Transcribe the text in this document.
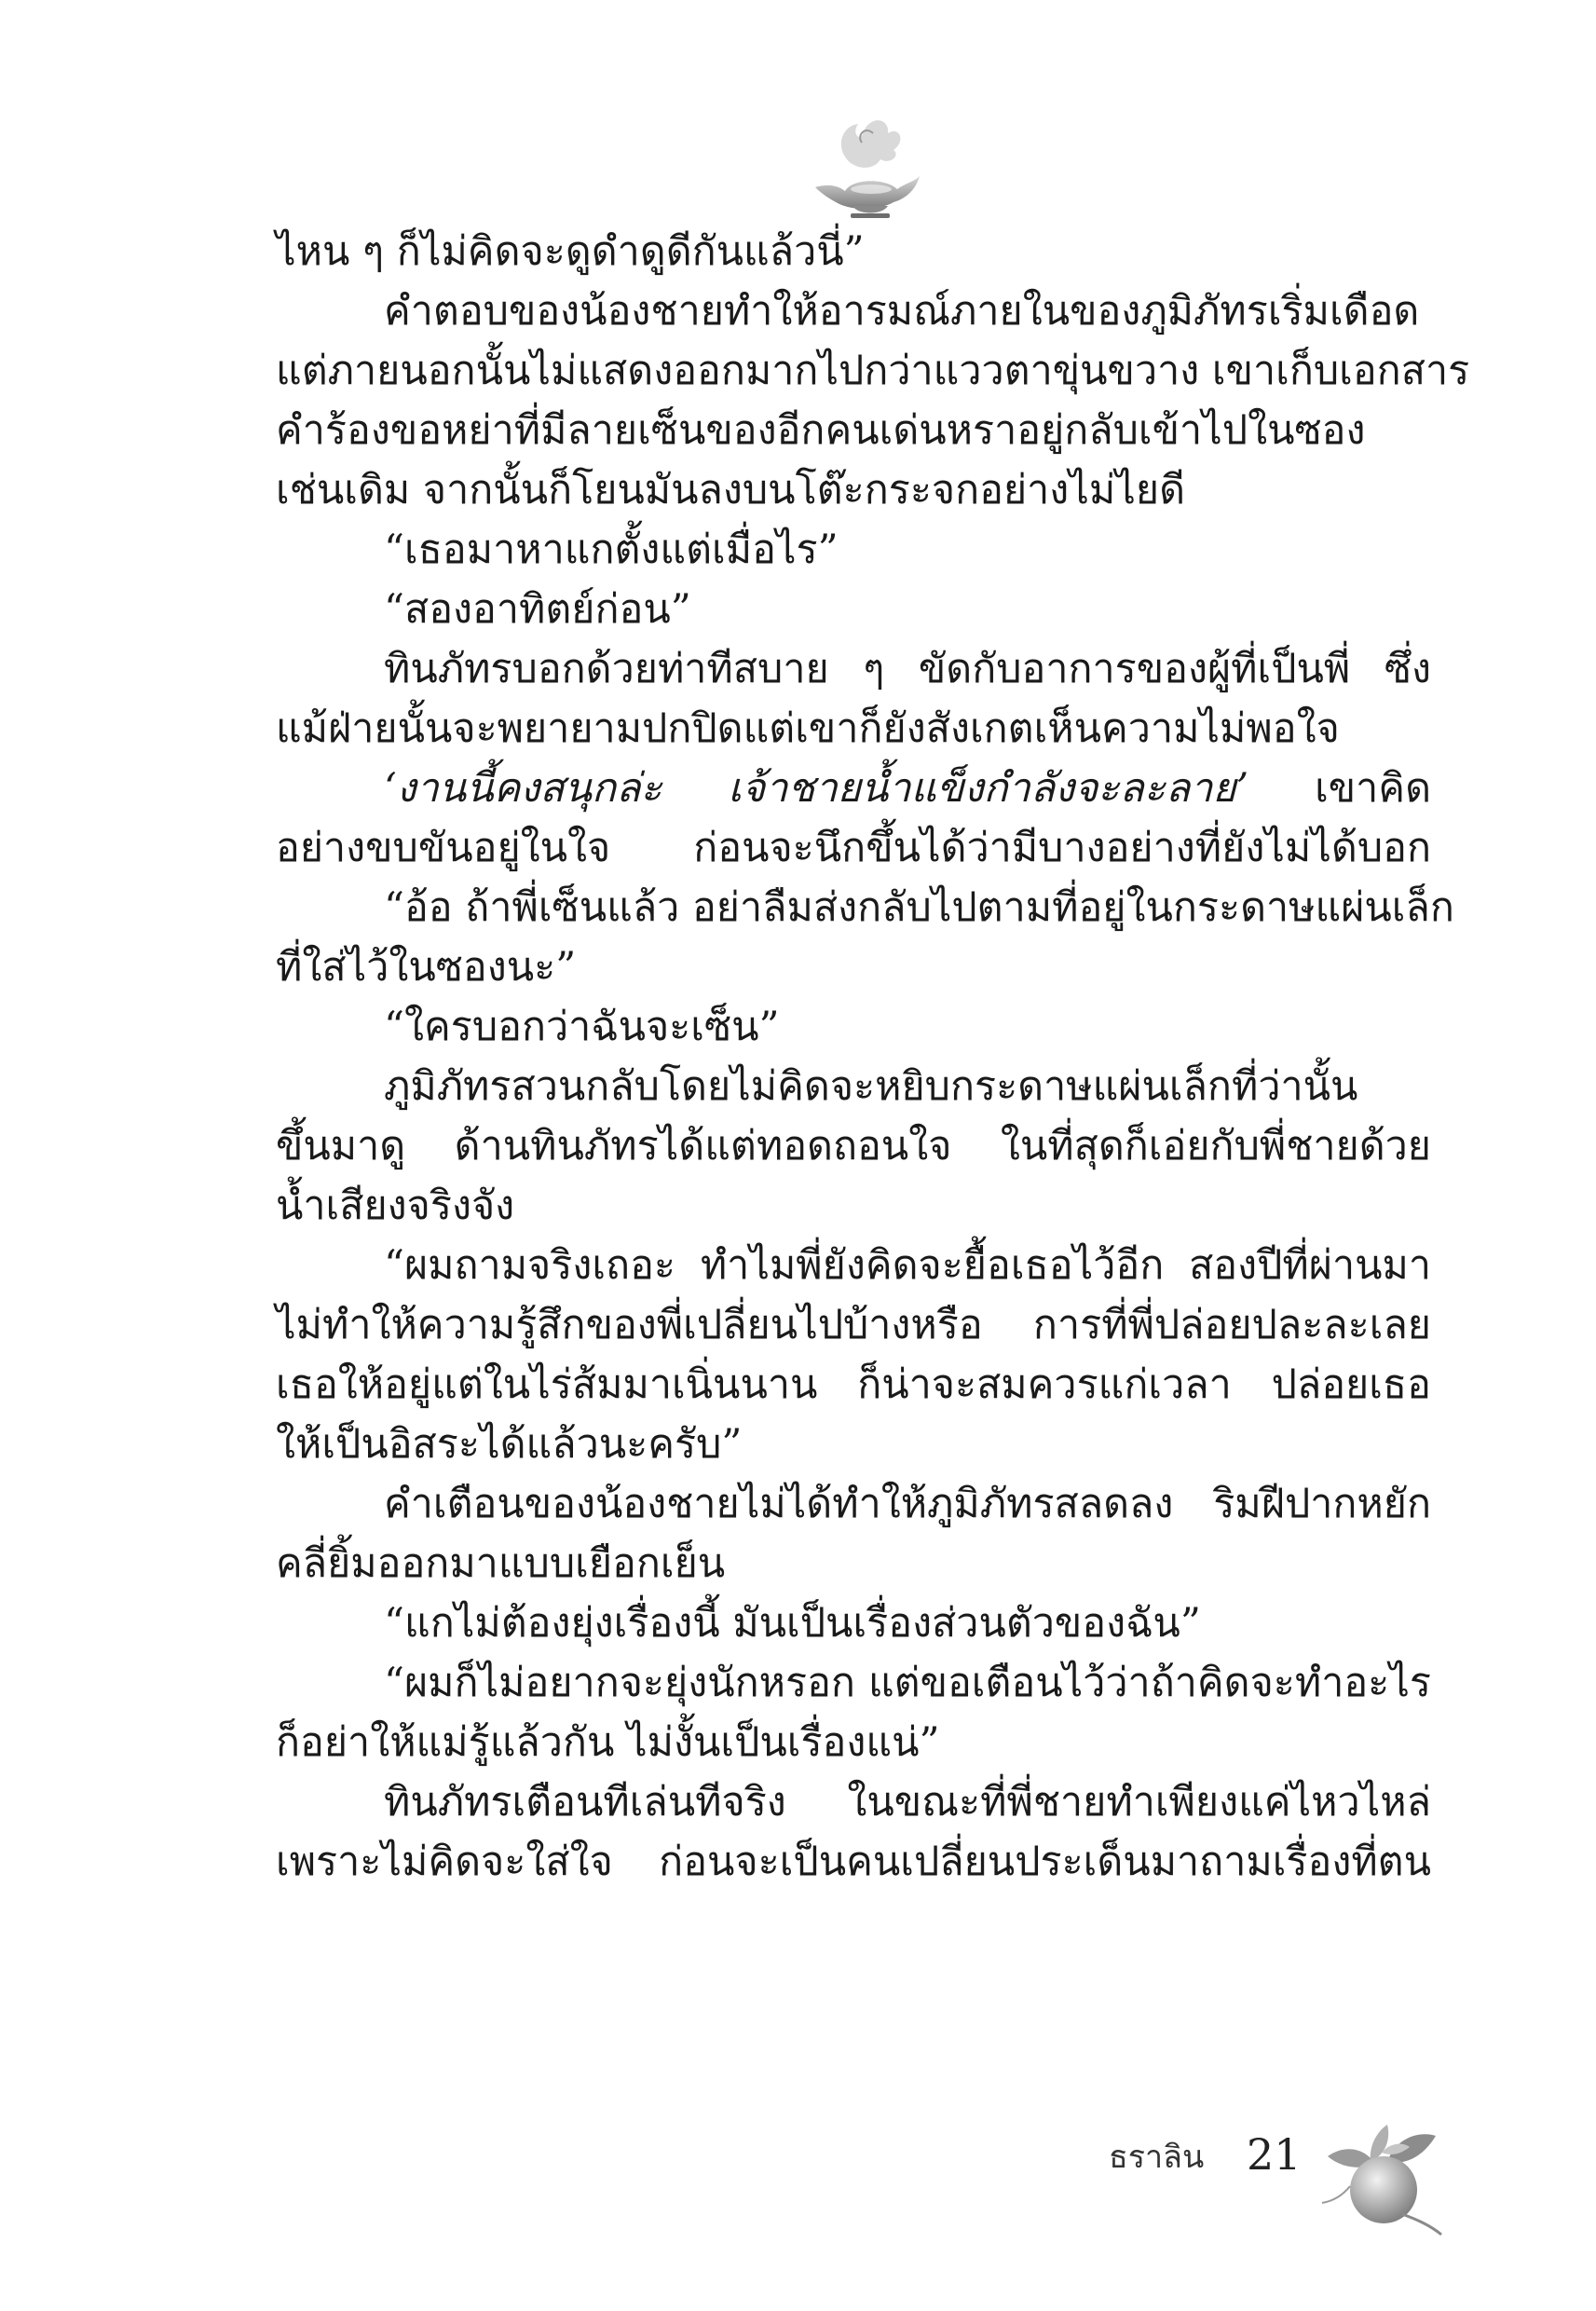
ไหน ๆ ก็ไม่คิดจะดูดำดูดีกันแล้วนี่”
คำตอบของน้องชายทำให้อารมณ์ภายในของภูมิภัทรเริ่มเดือด
แต่ภายนอกนั้นไม่แสดงออกมากไปกว่าแววตาขุ่นขวาง เขาเก็บเอกสาร
คำร้องขอหย่าที่มีลายเซ็นของอีกคนเด่นหราอยู่กลับเข้าไปในซอง
เช่นเดิม จากนั้นก็โยนมันลงบนโต๊ะกระจกอย่างไม่ไยดี
“เธอมาหาแกตั้งแต่เมื่อไร”
“สองอาทิตย์ก่อน”
ทินภัทรบอกด้วยท่าทีสบาย ๆ ขัดกับอาการของผู้ที่เป็นพี่ ซึ่ง
แม้ฝ่ายนั้นจะพยายามปกปิดแต่เขาก็ยังสังเกตเห็นความไม่พอใจ
‘งานนี้คงสนุกล่ะ เจ้าชายน้ำแข็งกำลังจะละลาย’ เขาคิด
อย่างขบขันอยู่ในใจ ก่อนจะนึกขึ้นได้ว่ามีบางอย่างที่ยังไม่ได้บอก
“อ้อ ถ้าพี่เซ็นแล้ว อย่าลืมส่งกลับไปตามที่อยู่ในกระดาษแผ่นเล็ก
ที่ใส่ไว้ในซองนะ”
“ใครบอกว่าฉันจะเซ็น”
ภูมิภัทรสวนกลับโดยไม่คิดจะหยิบกระดาษแผ่นเล็กที่ว่านั้น
ขึ้นมาดู ด้านทินภัทรได้แต่ทอดถอนใจ ในที่สุดก็เอ่ยกับพี่ชายด้วย
น้ำเสียงจริงจัง
“ผมถามจริงเถอะ ทำไมพี่ยังคิดจะยื้อเธอไว้อีก สองปีที่ผ่านมา
ไม่ทำให้ความรู้สึกของพี่เปลี่ยนไปบ้างหรือ การที่พี่ปล่อยปละละเลย
เธอให้อยู่แต่ในไร่ส้มมาเนิ่นนาน ก็น่าจะสมควรแก่เวลา ปล่อยเธอ
ให้เป็นอิสระได้แล้วนะครับ”
คำเตือนของน้องชายไม่ได้ทำให้ภูมิภัทรสลดลง ริมฝีปากหยัก
คลี่ยิ้มออกมาแบบเยือกเย็น
“แกไม่ต้องยุ่งเรื่องนี้ มันเป็นเรื่องส่วนตัวของฉัน”
“ผมก็ไม่อยากจะยุ่งนักหรอก แต่ขอเตือนไว้ว่าถ้าคิดจะทำอะไร
ก็อย่าให้แม่รู้แล้วกัน ไม่งั้นเป็นเรื่องแน่”
ทินภัทรเตือนทีเล่นทีจริง ในขณะที่พี่ชายทำเพียงแค่ไหวไหล่
เพราะไม่คิดจะใส่ใจ ก่อนจะเป็นคนเปลี่ยนประเด็นมาถามเรื่องที่ตน
ธราลิน 21
